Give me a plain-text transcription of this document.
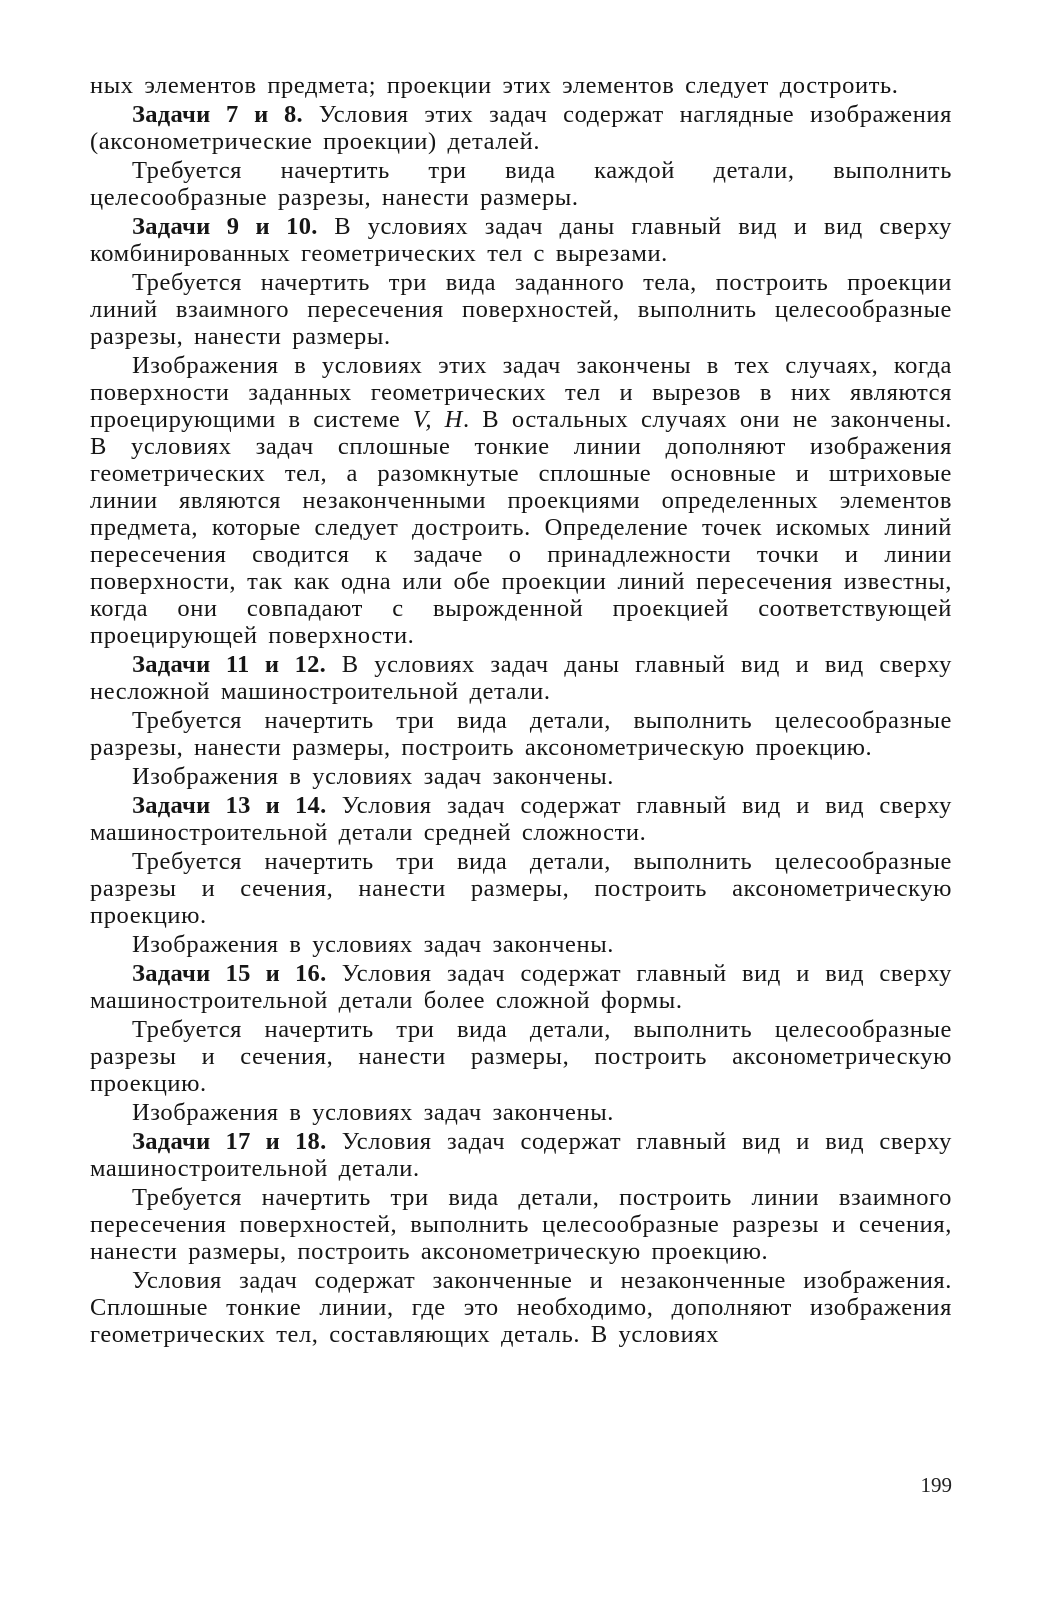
ных элементов предмета; проекции этих элементов следует достроить.

Задачи 7 и 8. Условия этих задач содержат наглядные изображения (аксонометрические проекции) деталей.

Требуется начертить три вида каждой детали, выполнить целесообразные разрезы, нанести размеры.

Задачи 9 и 10. В условиях задач даны главный вид и вид сверху комбинированных геометрических тел с вырезами.

Требуется начертить три вида заданного тела, построить проекции линий взаимного пересечения поверхностей, выполнить целесообразные разрезы, нанести размеры.

Изображения в условиях этих задач закончены в тех случаях, когда поверхности заданных геометрических тел и вырезов в них являются проецирующими в системе V, H. В остальных случаях они не закончены. В условиях задач сплошные тонкие линии дополняют изображения геометрических тел, а разомкнутые сплошные основные и штриховые линии являются незаконченными проекциями определенных элементов предмета, которые следует достроить. Определение точек искомых линий пересечения сводится к задаче о принадлежности точки и линии поверхности, так как одна или обе проекции линий пересечения известны, когда они совпадают с вырожденной проекцией соответствующей проецирующей поверхности.

Задачи 11 и 12. В условиях задач даны главный вид и вид сверху несложной машиностроительной детали.

Требуется начертить три вида детали, выполнить целесообразные разрезы, нанести размеры, построить аксонометрическую проекцию.

Изображения в условиях задач закончены.

Задачи 13 и 14. Условия задач содержат главный вид и вид сверху машиностроительной детали средней сложности.

Требуется начертить три вида детали, выполнить целесообразные разрезы и сечения, нанести размеры, построить аксонометрическую проекцию.

Изображения в условиях задач закончены.

Задачи 15 и 16. Условия задач содержат главный вид и вид сверху машиностроительной детали более сложной формы.

Требуется начертить три вида детали, выполнить целесообразные разрезы и сечения, нанести размеры, построить аксонометрическую проекцию.

Изображения в условиях задач закончены.

Задачи 17 и 18. Условия задач содержат главный вид и вид сверху машиностроительной детали.

Требуется начертить три вида детали, построить линии взаимного пересечения поверхностей, выполнить целесообразные разрезы и сечения, нанести размеры, построить аксонометрическую проекцию.

Условия задач содержат законченные и незаконченные изображения. Сплошные тонкие линии, где это необходимо, дополняют изображения геометрических тел, составляющих деталь. В условиях

199
